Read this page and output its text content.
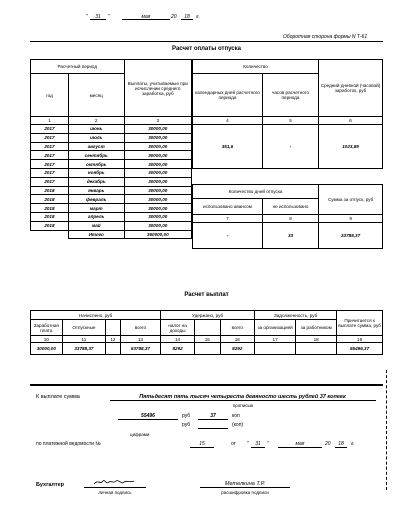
"	31	"	мая	20	18	г.
Оборотная сторона формы N Т-61
Расчет оплаты отпуска
Расчетный период		Выплаты, учитываемые при исчислении среднего заработка, руб
год	месяц	
1	2	3
2017	июнь	30000,00
2017	июль	30000,00
2017	август	30000,00
2017	сентябрь	30000,00
2017	октябрь	30000,00
2017	ноябрь	30000,00
2017	декабрь	30000,00
2018	январь	30000,00
2018	февраль	30000,00
2018	март	30000,00
2018	апрель	30000,00
2018	май	30000,00
	Итого	360000,00
Количество		Средний дневной (часовой) заработок, руб
календарных дней расчетного периода	часов расчетного периода	
4	5	6
351,6	-	1023,89
Количество дней отпуска		Сумма за отпуск, руб
использовано авансом	не использовано	
7	8	9
-	33	33788,37
Расчет выплат
Начислено, руб				Удержано, руб			Задолженность, руб		Причитается к выплате сумма, руб
Заработная плата	Отпускные		всего	налог на доходы		всего	за организацией	за работником	
10	11	12	13	14	15	16	17	18	19
30000,00	33788,37		63788,37	8292		8292			55496,37
К выплате сумма	Пятьдесят пять тысяч четыреста девяносто шесть рублей 37 копеек
прописью
55496	руб	37	коп
руб	(коп)
цифрами
по платежной ведомости №	15	от "	31	"	мая	20	18	г.
Бухгалтер
личная подпись
Метелкина Т.Р.
расшифровка подписи
